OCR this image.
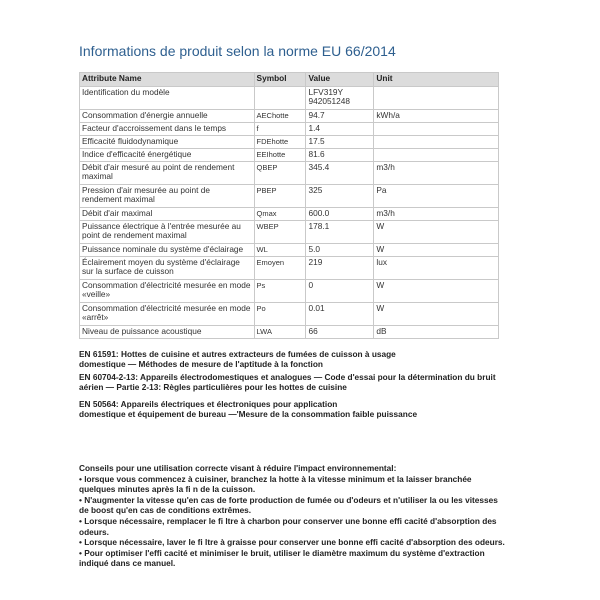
Informations de produit selon la norme EU 66/2014
Attribute Name	Symbol	Value	Unit
Identification du modèle		LFV319Y
942051248	
Consommation d'énergie annuelle	AEChotte	94.7	kWh/a
Facteur d'accroissement dans le temps	f	1.4	
Efficacité fluidodynamique	FDEhotte	17.5	
Indice d'efficacité énergétique	EEIhotte	81.6	
Débit d'air mesuré au point de rendement maximal	QBEP	345.4	m3/h
Pression d'air mesurée au point de rendement maximal	PBEP	325	Pa
Débit d'air maximal	Qmax	600.0	m3/h
Puissance électrique à l'entrée mesurée au point de rendement maximal	WBEP	178.1	W
Puissance nominale du système d'éclairage	WL	5.0	W
Éclairement moyen du système d'éclairage sur la surface de cuisson	Emoyen	219	lux
Consommation d'électricité mesurée en mode «veille»	Ps	0	W
Consommation d'électricité mesurée en mode «arrêt»	Po	0.01	W
Niveau de puissance acoustique	LWA	66	dB
EN 61591: Hottes de cuisine et autres extracteurs de fumées de cuisson à usage
domestique — Méthodes de mesure de l'aptitude à la fonction
EN 60704-2-13: Appareils électrodomestiques et analogues — Code d'essai pour la détermination du bruit
aérien — Partie 2-13: Règles particulières pour les hottes de cuisine
EN 50564: Appareils électriques et électroniques pour application
domestique et équipement de bureau —'Mesure de la consommation faible puissance
Conseils pour une utilisation correcte visant à réduire l'impact environnemental:
• lorsque vous commencez à cuisiner, branchez la hotte à la vitesse minimum et la laisser branchée
quelques minutes après la fi n de la cuisson.
• N'augmenter la vitesse qu'en cas de forte production de fumée ou d'odeurs et n'utiliser la ou les vitesses
de boost qu'en cas de conditions extrêmes.
• Lorsque nécessaire, remplacer le fi ltre à charbon pour conserver une bonne effi cacité d'absorption des
odeurs.
• Lorsque nécessaire, laver le fi ltre à graisse pour conserver une bonne effi cacité d'absorption des odeurs.
• Pour optimiser l'effi cacité et minimiser le bruit, utiliser le diamètre maximum du système d'extraction
indiqué dans ce manuel.
